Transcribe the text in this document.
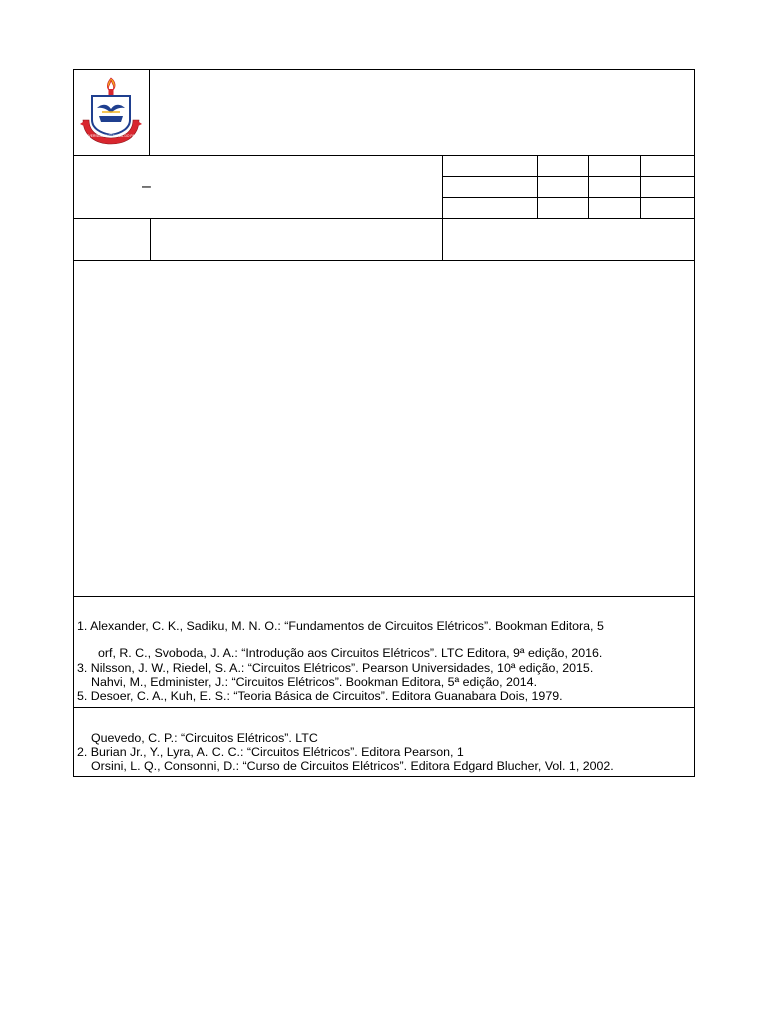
UNIVERSIDADE FEDERAL DO PARÁ
–
1. Alexander, C. K., Sadiku, M. N. O.: “Fundamentos de Circuitos Elétricos”. Bookman Editora, 5
orf, R. C., Svoboda, J. A.: “Introdução aos Circuitos Elétricos”. LTC Editora, 9ª edição, 2016.
3. Nilsson, J. W., Riedel, S. A.: “Circuitos Elétricos”. Pearson Universidades, 10ª edição, 2015.
Nahvi, M., Edminister, J.: “Circuitos Elétricos”. Bookman Editora, 5ª edição, 2014.
5. Desoer, C. A., Kuh, E. S.: “Teoria Básica de Circuitos”. Editora Guanabara Dois, 1979.
Quevedo, C. P.: “Circuitos Elétricos”. LTC
2. Burian Jr., Y., Lyra, A. C. C.: “Circuitos Elétricos”. Editora Pearson, 1
Orsini, L. Q., Consonni, D.: “Curso de Circuitos Elétricos”. Editora Edgard Blucher, Vol. 1, 2002.
